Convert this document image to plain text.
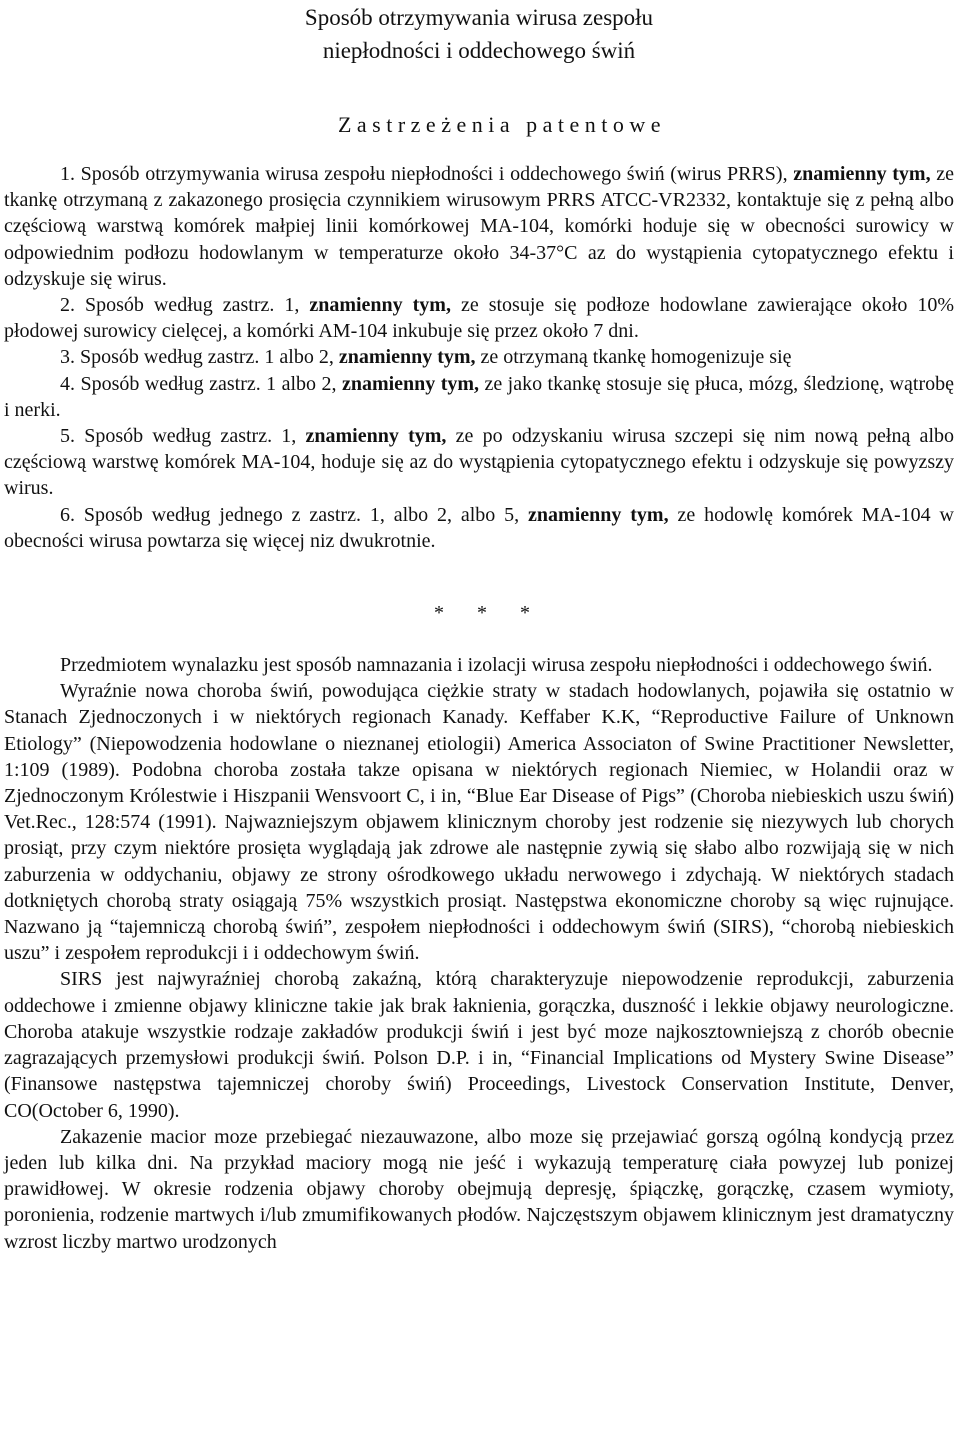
Sposób otrzymywania wirusa zespołu
niepłodności i oddechowego świń
Zastrzeżenia patentowe

1. Sposób otrzymywania wirusa zespołu niepłodności i oddechowego świń (wirus PRRS), znamienny tym, ze tkankę otrzymaną z zakazonego prosięcia czynnikiem wirusowym PRRS ATCC-VR2332, kontaktuje się z pełną albo częściową warstwą komórek małpiej linii komórkowej MA-104, komórki hoduje się w obecności surowicy w odpowiednim podłozu hodowlanym w temperaturze około 34-37°C az do wystąpienia cytopatycznego efektu i odzyskuje się wirus.

2. Sposób według zastrz. 1, znamienny tym, ze stosuje się podłoze hodowlane zawierające około 10% płodowej surowicy cielęcej, a komórki AM-104 inkubuje się przez około 7 dni.

3. Sposób według zastrz. 1 albo 2, znamienny tym, ze otrzymaną tkankę homogenizuje się

4. Sposób według zastrz. 1 albo 2, znamienny tym, ze jako tkankę stosuje się płuca, mózg, śledzionę, wątrobę i nerki.

5. Sposób według zastrz. 1, znamienny tym, ze po odzyskaniu wirusa szczepi się nim nową pełną albo częściową warstwę komórek MA-104, hoduje się az do wystąpienia cytopatycznego efektu i odzyskuje się powyzszy wirus.

6. Sposób według jednego z zastrz. 1, albo 2, albo 5, znamienny tym, ze hodowlę komórek MA-104 w obecności wirusa powtarza się więcej niz dwukrotnie.

* * *

Przedmiotem wynalazku jest sposób namnazania i izolacji wirusa zespołu niepłodności i oddechowego świń.

Wyraźnie nowa choroba świń, powodująca ciężkie straty w stadach hodowlanych, pojawiła się ostatnio w Stanach Zjednoczonych i w niektórych regionach Kanady. Keffaber K.K, “Reproductive Failure of Unknown Etiology” (Niepowodzenia hodowlane o nieznanej etiologii) America Associaton of Swine Practitioner Newsletter, 1:109 (1989). Podobna choroba została takze opisana w niektórych regionach Niemiec, w Holandii oraz w Zjednoczonym Królestwie i Hiszpanii Wensvoort C, i in, “Blue Ear Disease of Pigs” (Choroba niebieskich uszu świń) Vet.Rec., 128:574 (1991). Najwazniejszym objawem klinicznym choroby jest rodzenie się niezywych lub chorych prosiąt, przy czym niektóre prosięta wyglądają jak zdrowe ale następnie zywią się słabo albo rozwijają się w nich zaburzenia w oddychaniu, objawy ze strony ośrodkowego układu nerwowego i zdychają. W niektórych stadach dotkniętych chorobą straty osiągają 75% wszystkich prosiąt. Następstwa ekonomiczne choroby są więc rujnujące. Nazwano ją “tajemniczą chorobą świń”, zespołem niepłodności i oddechowym świń (SIRS), “chorobą niebieskich uszu” i zespołem reprodukcji i i oddechowym świń.

SIRS jest najwyraźniej chorobą zakaźną, którą charakteryzuje niepowodzenie reprodukcji, zaburzenia oddechowe i zmienne objawy kliniczne takie jak brak łaknienia, gorączka, duszność i lekkie objawy neurologiczne. Choroba atakuje wszystkie rodzaje zakładów produkcji świń i jest być moze najkosztowniejszą z chorób obecnie zagrazających przemysłowi produkcji świń. Polson D.P. i in, “Financial Implications od Mystery Swine Disease” (Finansowe następstwa tajemniczej choroby świń) Proceedings, Livestock Conservation Institute, Denver, CO(October 6, 1990).

Zakazenie macior moze przebiegać niezauwazone, albo moze się przejawiać gorszą ogólną kondycją przez jeden lub kilka dni. Na przykład maciory mogą nie jeść i wykazują temperaturę ciała powyzej lub ponizej prawidłowej. W okresie rodzenia objawy choroby obejmują depresję, śpiączkę, gorączkę, czasem wymioty, poronienia, rodzenie martwych i/lub zmumifikowanych płodów. Najczęstszym objawem klinicznym jest dramatyczny wzrost liczby martwo urodzonych
